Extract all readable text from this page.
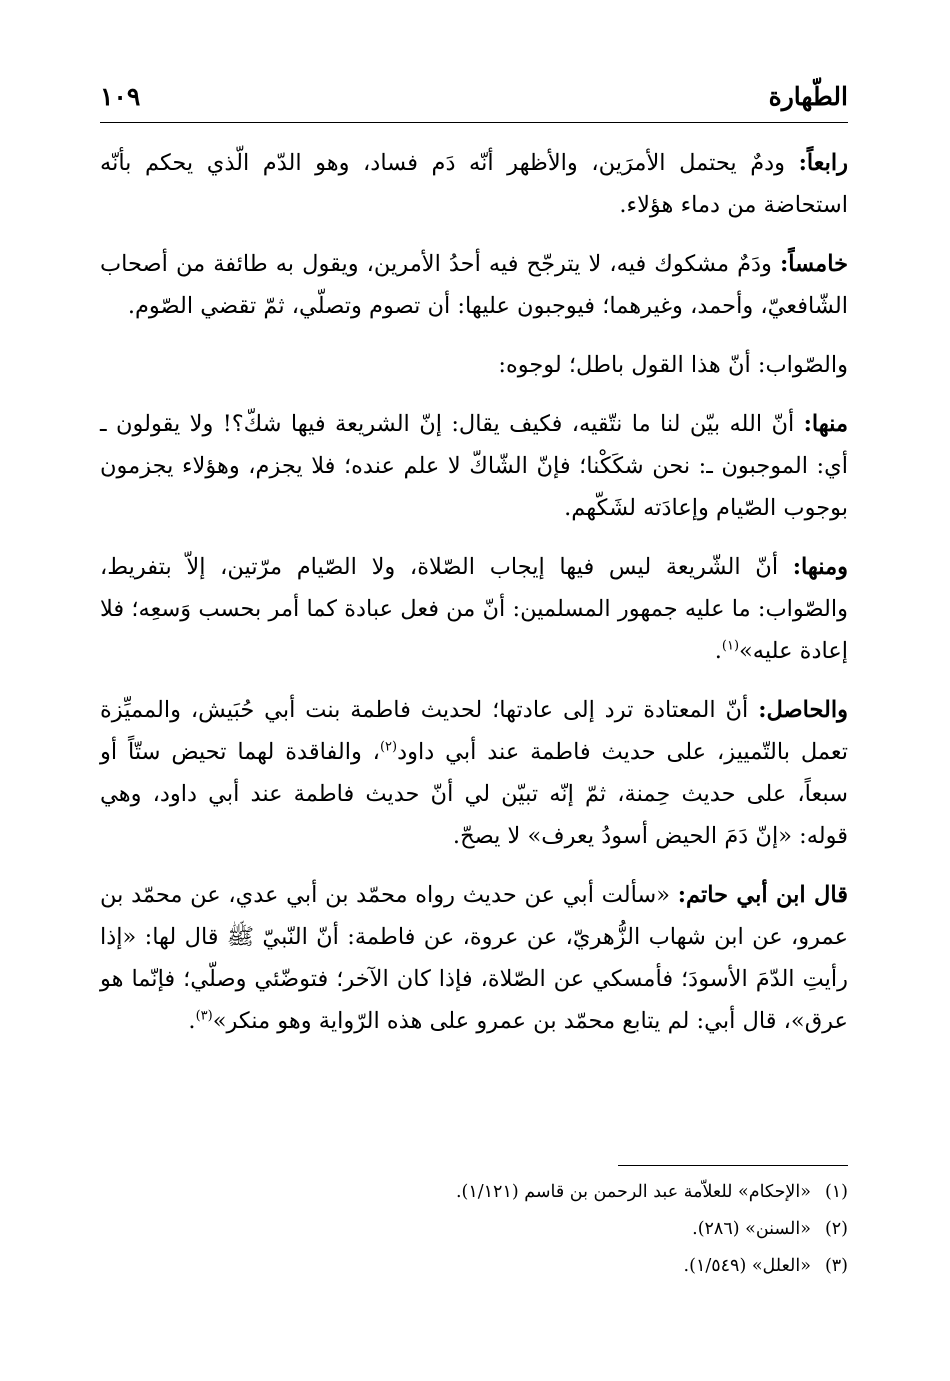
الطّهارة
١٠٩

رابعاً: ودمٌ يحتمل الأمرَين، والأظهر أنّه دَم فساد، وهو الدّم الّذي يحكم بأنّه استحاضة من دماء هؤلاء.

خامساً: ودَمٌ مشكوك فيه، لا يترجّح فيه أحدُ الأمرين، ويقول به طائفة من أصحاب الشّافعيّ، وأحمد، وغيرهما؛ فيوجبون عليها: أن تصوم وتصلّي، ثمّ تقضي الصّوم.

والصّواب: أنّ هذا القول باطل؛ لوجوه:

منها: أنّ الله بيّن لنا ما نتّقيه، فكيف يقال: إنّ الشريعة فيها شكّ؟! ولا يقولون ـ أي: الموجبون ـ: نحن شكَكْنا؛ فإنّ الشّاكّ لا علم عنده؛ فلا يجزم، وهؤلاء يجزمون بوجوب الصّيام وإعادَته لشَكّهم.

ومنها: أنّ الشّريعة ليس فيها إيجاب الصّلاة، ولا الصّيام مرّتين، إلاّ بتفريط، والصّواب: ما عليه جمهور المسلمين: أنّ من فعل عبادة كما أمر بحسب وَسعِه؛ فلا إعادة عليه»$^{(١)}$.

والحاصل: أنّ المعتادة ترد إلى عادتها؛ لحديث فاطمة بنت أبي حُبَيش، والمميِّزة تعمل بالتّمييز، على حديث فاطمة عند أبي داود$^{(٢)}$، والفاقدة لهما تحيض ستّاً أو سبعاً، على حديث حِمنة، ثمّ إنّه تبيّن لي أنّ حديث فاطمة عند أبي داود، وهي قوله: «إنّ دَمَ الحيض أسودُ يعرف» لا يصحّ.

قال ابن أبي حاتم: «سألت أبي عن حديث رواه محمّد بن أبي عدي، عن محمّد بن عمرو، عن ابن شهاب الزُّهريّ، عن عروة، عن فاطمة: أنّ النّبيّ ﷺ قال لها: «إذا رأيتِ الدّمَ الأسودَ؛ فأمسكي عن الصّلاة، فإذا كان الآخر؛ فتوضّئي وصلّي؛ فإنّما هو عرق»، قال أبي: لم يتابع محمّد بن عمرو على هذه الرّواية وهو منكر»$^{(٣)}$.

(١)«الإحكام» للعلاّمة عبد الرحمن بن قاسم (١/١٢١).
(٢)«السنن» (٢٨٦).
(٣)«العلل» (١/٥٤٩).
